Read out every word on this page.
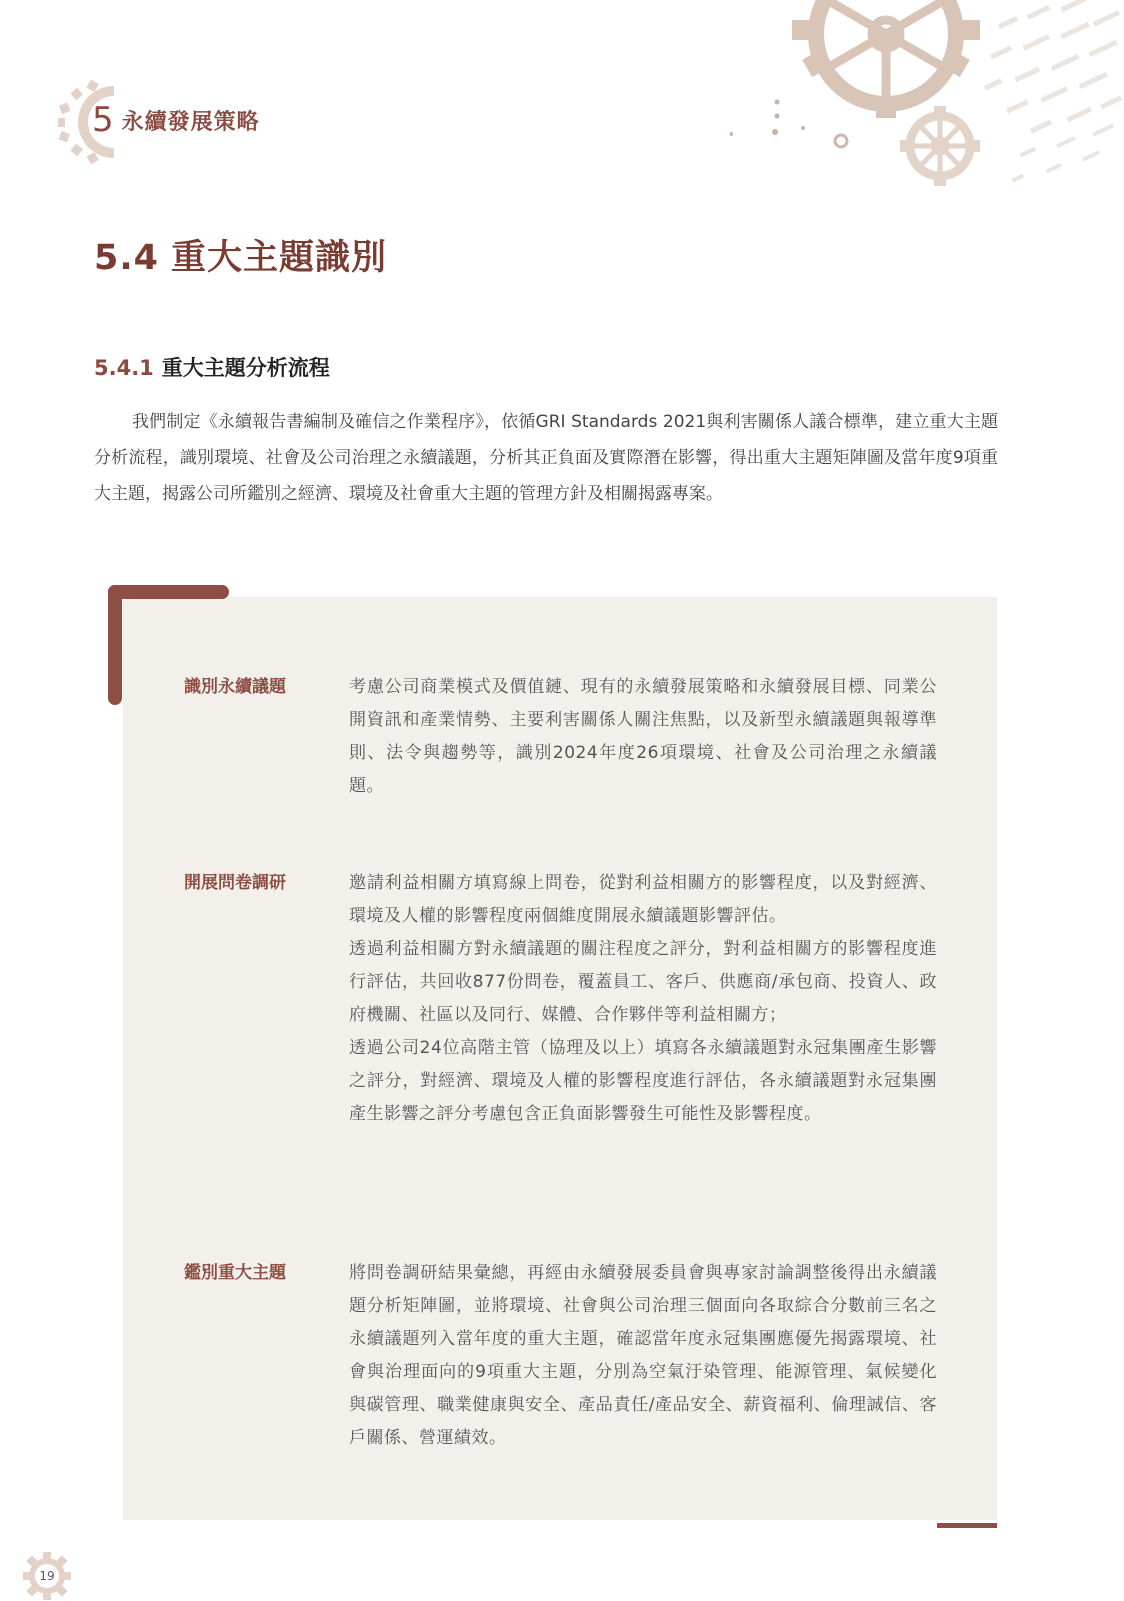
5 永續發展策略
5.4 重大主題識別
5.4.1 重大主題分析流程
我們制定《永續報告書編制及確信之作業程序》，依循GRI Standards 2021與利害關係人議合標準，建立重大主題分析流程，識別環境、社會及公司治理之永續議題，分析其正負面及實際潛在影響，得出重大主題矩陣圖及當年度9項重大主題，揭露公司所鑑別之經濟、環境及社會重大主題的管理方針及相關揭露專案。
識別永續議題	考慮公司商業模式及價值鏈、現有的永續發展策略和永續發展目標、同業公開資訊和產業情勢、主要利害關係人關注焦點，以及新型永續議題與報導準則、法令與趨勢等，識別2024年度26項環境、社會及公司治理之永續議題。

開展問卷調研	邀請利益相關方填寫線上問卷，從對利益相關方的影響程度，以及對經濟、環境及人權的影響程度兩個維度開展永續議題影響評估。

透過利益相關方對永續議題的關注程度之評分，對利益相關方的影響程度進行評估，共回收877份問卷，覆蓋員工、客戶、供應商/承包商、投資人、政府機關、社區以及同行、媒體、合作夥伴等利益相關方；

透過公司24位高階主管（協理及以上）填寫各永續議題對永冠集團產生影響之評分，對經濟、環境及人權的影響程度進行評估，各永續議題對永冠集團產生影響之評分考慮包含正負面影響發生可能性及影響程度。

鑑別重大主題	將問卷調研結果彙總，再經由永續發展委員會與專家討論調整後得出永續議題分析矩陣圖，並將環境、社會與公司治理三個面向各取綜合分數前三名之永續議題列入當年度的重大主題，確認當年度永冠集團應優先揭露環境、社會與治理面向的9項重大主題，分別為空氣汙染管理、能源管理、氣候變化與碳管理、職業健康與安全、產品責任/產品安全、薪資福利、倫理誠信、客戶關係、營運績效。

19
